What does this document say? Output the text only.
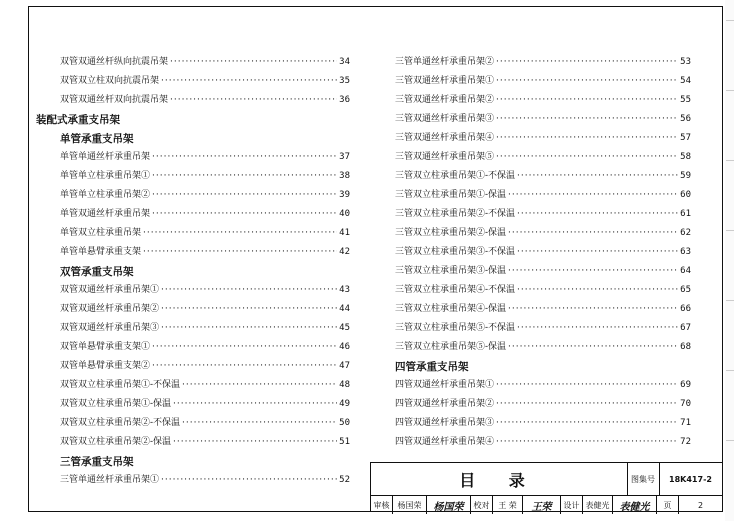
双管双通丝杆纵向抗震吊架 ·····	34
双管双立柱双向抗震吊架 ·····	35
双管双通丝杆双向抗震吊架 ·····	36
装配式承重支吊架
单管承重支吊架
单管单通丝杆承重吊架 ·····	37
单管单立柱承重吊架① ·····	38
单管单立柱承重吊架② ·····	39
单管双通丝杆承重吊架 ·····	40
单管双立柱承重吊架 ·····	41
单管单悬臂承重支架 ·····	42
双管承重支吊架
双管双通丝杆承重吊架① ·····	43
双管双通丝杆承重吊架② ·····	44
双管双通丝杆承重吊架③ ·····	45
双管单悬臂承重支架① ·····	46
双管单悬臂承重支架② ·····	47
双管双立柱承重吊架①-不保温 ·····	48
双管双立柱承重吊架①-保温 ·····	49
双管双立柱承重吊架②-不保温 ·····	50
双管双立柱承重吊架②-保温 ·····	51
三管承重支吊架
三管单通丝杆承重吊架① ·····	52
三管单通丝杆承重吊架② ·····	53
三管双通丝杆承重吊架① ·····	54
三管双通丝杆承重吊架② ·····	55
三管双通丝杆承重吊架③ ·····	56
三管双通丝杆承重吊架④ ·····	57
三管双通丝杆承重吊架⑤ ·····	58
三管双立柱承重吊架①-不保温 ·····	59
三管双立柱承重吊架①-保温 ·····	60
三管双立柱承重吊架②-不保温 ·····	61
三管双立柱承重吊架②-保温 ·····	62
三管双立柱承重吊架③-不保温 ·····	63
三管双立柱承重吊架③-保温 ·····	64
三管双立柱承重吊架④-不保温 ·····	65
三管双立柱承重吊架④-保温 ·····	66
三管双立柱承重吊架⑤-不保温 ·····	67
三管双立柱承重吊架⑤-保温 ·····	68
四管承重支吊架
四管双通丝杆承重吊架① ·····	69
四管双通丝杆承重吊架② ·····	70
四管双通丝杆承重吊架③ ·····	71
四管双通丝杆承重吊架④ ·····	72
目 录	图集号	18K417-2
审核	杨国荣	杨国荣	校对	王 荣	王荣	设计 表健光	表健光	页	2
